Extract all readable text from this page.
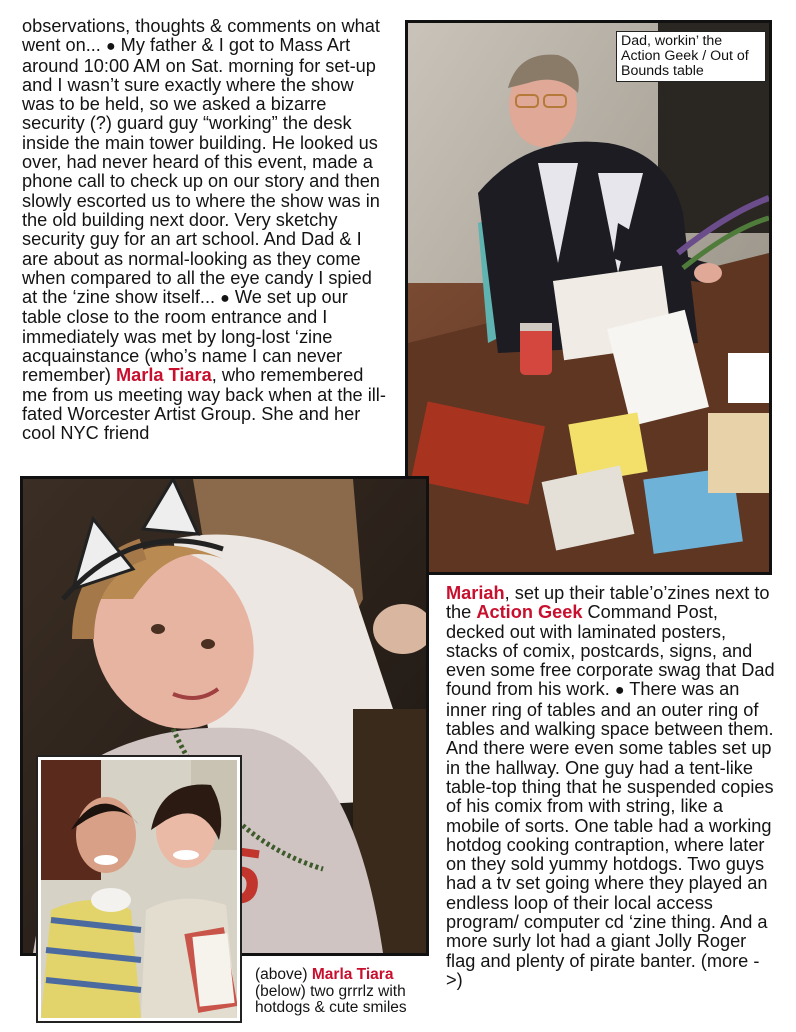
observations, thoughts & comments on what went on... ● My father & I got to Mass Art around 10:00 AM on Sat. morning for set-up and I wasn’t sure exactly where the show was to be held, so we asked a bizarre security (?) guard guy “working” the desk inside the main tower building. He looked us over, had never heard of this event, made a phone call to check up on our story and then slowly escorted us to where the show was in the old building next door. Very sketchy security guy for an art school. And Dad & I are about as normal-looking as they come when compared to all the eye candy I spied at the ‘zine show itself... ● We set up our table close to the room entrance and I immediately was met by long-lost ‘zine acquainstance (who’s name I can never remember) Marla Tiara, who remembered me from us meeting way back when at the ill-fated Worcester Artist Group. She and her cool NYC friend
Dad, workin’ the Action Geek / Out of Bounds table
(above) Marla Tiara
(below) two grrrlz with hotdogs & cute smiles
Mariah, set up their table’o’zines next to the Action Geek Command Post, decked out with laminated posters, stacks of comix, postcards, signs, and even some free corporate swag that Dad found from his work. ● There was an inner ring of tables and an outer ring of tables and walking space between them. And there were even some tables set up in the hallway. One guy had a tent-like table-top thing that he suspended copies of his comix from with string, like a mobile of sorts. One table had a working hotdog cooking contraption, where later on they sold yummy hotdogs. Two guys had a tv set going where they played an endless loop of their local access program/ computer cd ‘zine thing. And a more surly lot had a giant Jolly Roger flag and plenty of pirate banter. (more ->)
